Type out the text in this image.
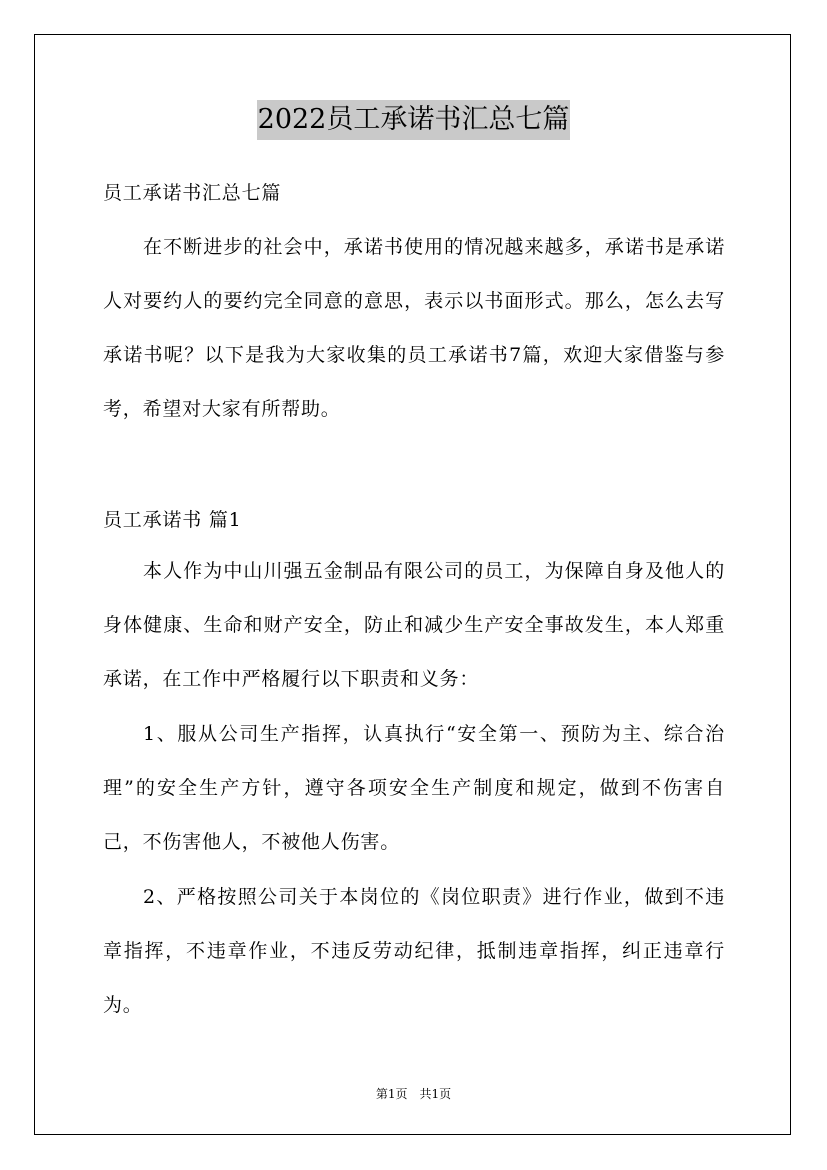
2022员工承诺书汇总七篇
员工承诺书汇总七篇
在不断进步的社会中，承诺书使用的情况越来越多，承诺书是承诺人对要约人的要约完全同意的意思，表示以书面形式。那么，怎么去写承诺书呢？以下是我为大家收集的员工承诺书7篇，欢迎大家借鉴与参考，希望对大家有所帮助。
员工承诺书 篇1
本人作为中山川强五金制品有限公司的员工，为保障自身及他人的身体健康、生命和财产安全，防止和减少生产安全事故发生，本人郑重承诺，在工作中严格履行以下职责和义务：
1、服从公司生产指挥，认真执行“安全第一、预防为主、综合治理”的安全生产方针，遵守各项安全生产制度和规定，做到不伤害自己，不伤害他人，不被他人伤害。
2、严格按照公司关于本岗位的《岗位职责》进行作业，做到不违章指挥，不违章作业，不违反劳动纪律，抵制违章指挥，纠正违章行为。
第1页　共1页
